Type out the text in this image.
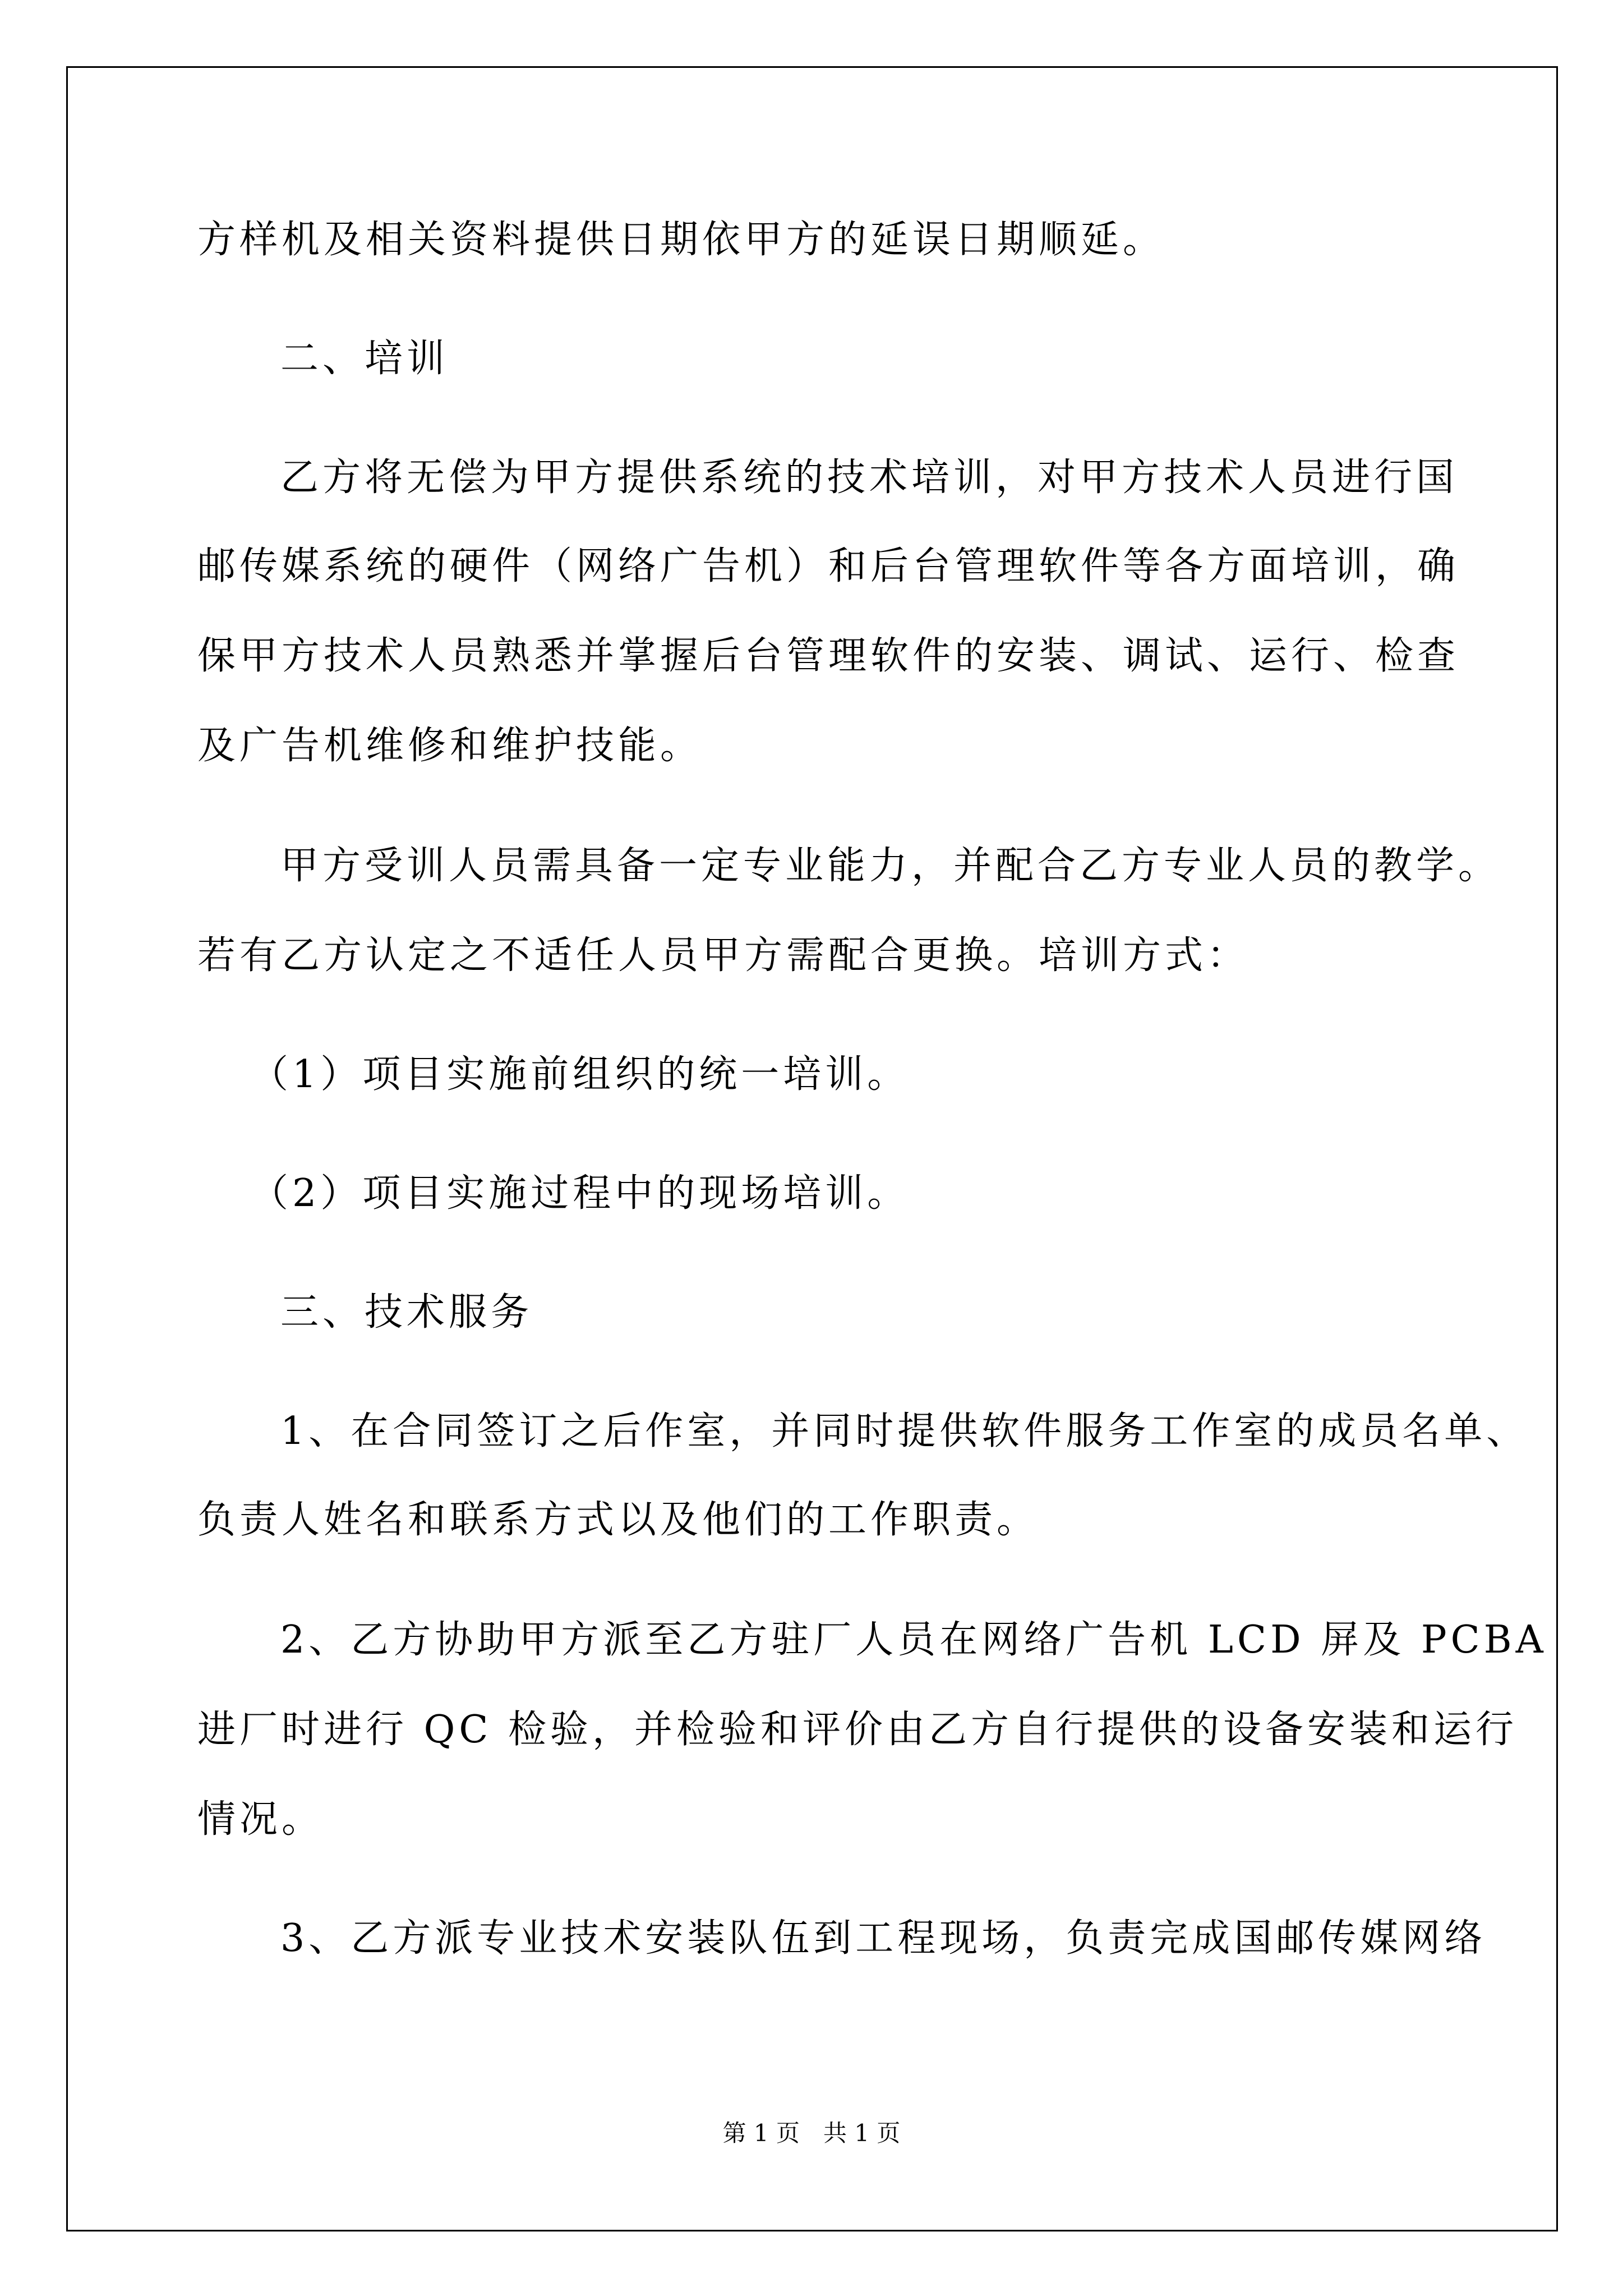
方样机及相关资料提供日期依甲方的延误日期顺延。
二、培训
乙方将无偿为甲方提供系统的技术培训，对甲方技术人员进行国
邮传媒系统的硬件（网络广告机）和后台管理软件等各方面培训，确
保甲方技术人员熟悉并掌握后台管理软件的安装、调试、运行、检查
及广告机维修和维护技能。
甲方受训人员需具备一定专业能力，并配合乙方专业人员的教学。
若有乙方认定之不适任人员甲方需配合更换。培训方式：
（1）项目实施前组织的统一培训。
（2）项目实施过程中的现场培训。
三、技术服务
1、在合同签订之后作室，并同时提供软件服务工作室的成员名单、
负责人姓名和联系方式以及他们的工作职责。
2、乙方协助甲方派至乙方驻厂人员在网络广告机 LCD 屏及 PCBA
进厂时进行 QC 检验，并检验和评价由乙方自行提供的设备安装和运行
情况。
3、乙方派专业技术安装队伍到工程现场，负责完成国邮传媒网络
第 1 页　共 1 页
